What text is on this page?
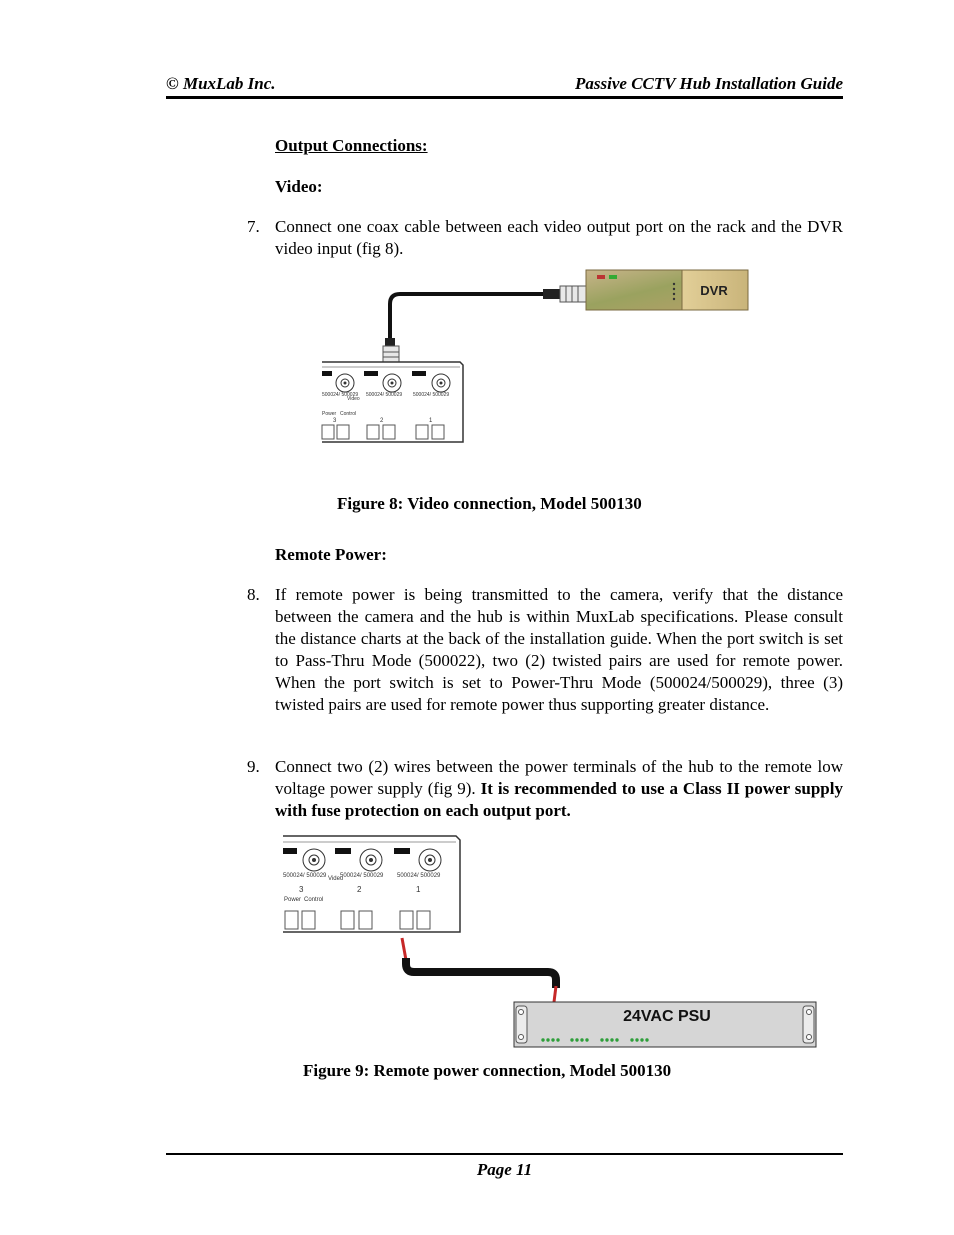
© MuxLab Inc.	Passive CCTV Hub Installation Guide
Output Connections:
Video:
7. Connect one coax cable between each video output port on the rack and the DVR video input (fig 8).
DVR
500024/ 500029
3
500024/ 500029
2
500024/ 500029
1
Video
Power Control
Figure 8: Video connection, Model 500130
Remote Power:
8. If remote power is being transmitted to the camera, verify that the distance between the camera and the hub is within MuxLab specifications. Please consult the distance charts at the back of the installation guide. When the port switch is set to Pass-Thru Mode (500022), two (2) twisted pairs are used for remote power. When the port switch is set to Power-Thru Mode (500024/500029), three (3) twisted pairs are used for remote power thus supporting greater distance.
9. Connect two (2) wires between the power terminals of the hub to the remote low voltage power supply (fig 9). It is recommended to use a Class II power supply with fuse protection on each output port.
500024/ 500029
3
500024/ 500029
2
500024/ 500029
1
Video
Power Control
24VAC PSU
Figure 9: Remote power connection, Model 500130
Page 11
